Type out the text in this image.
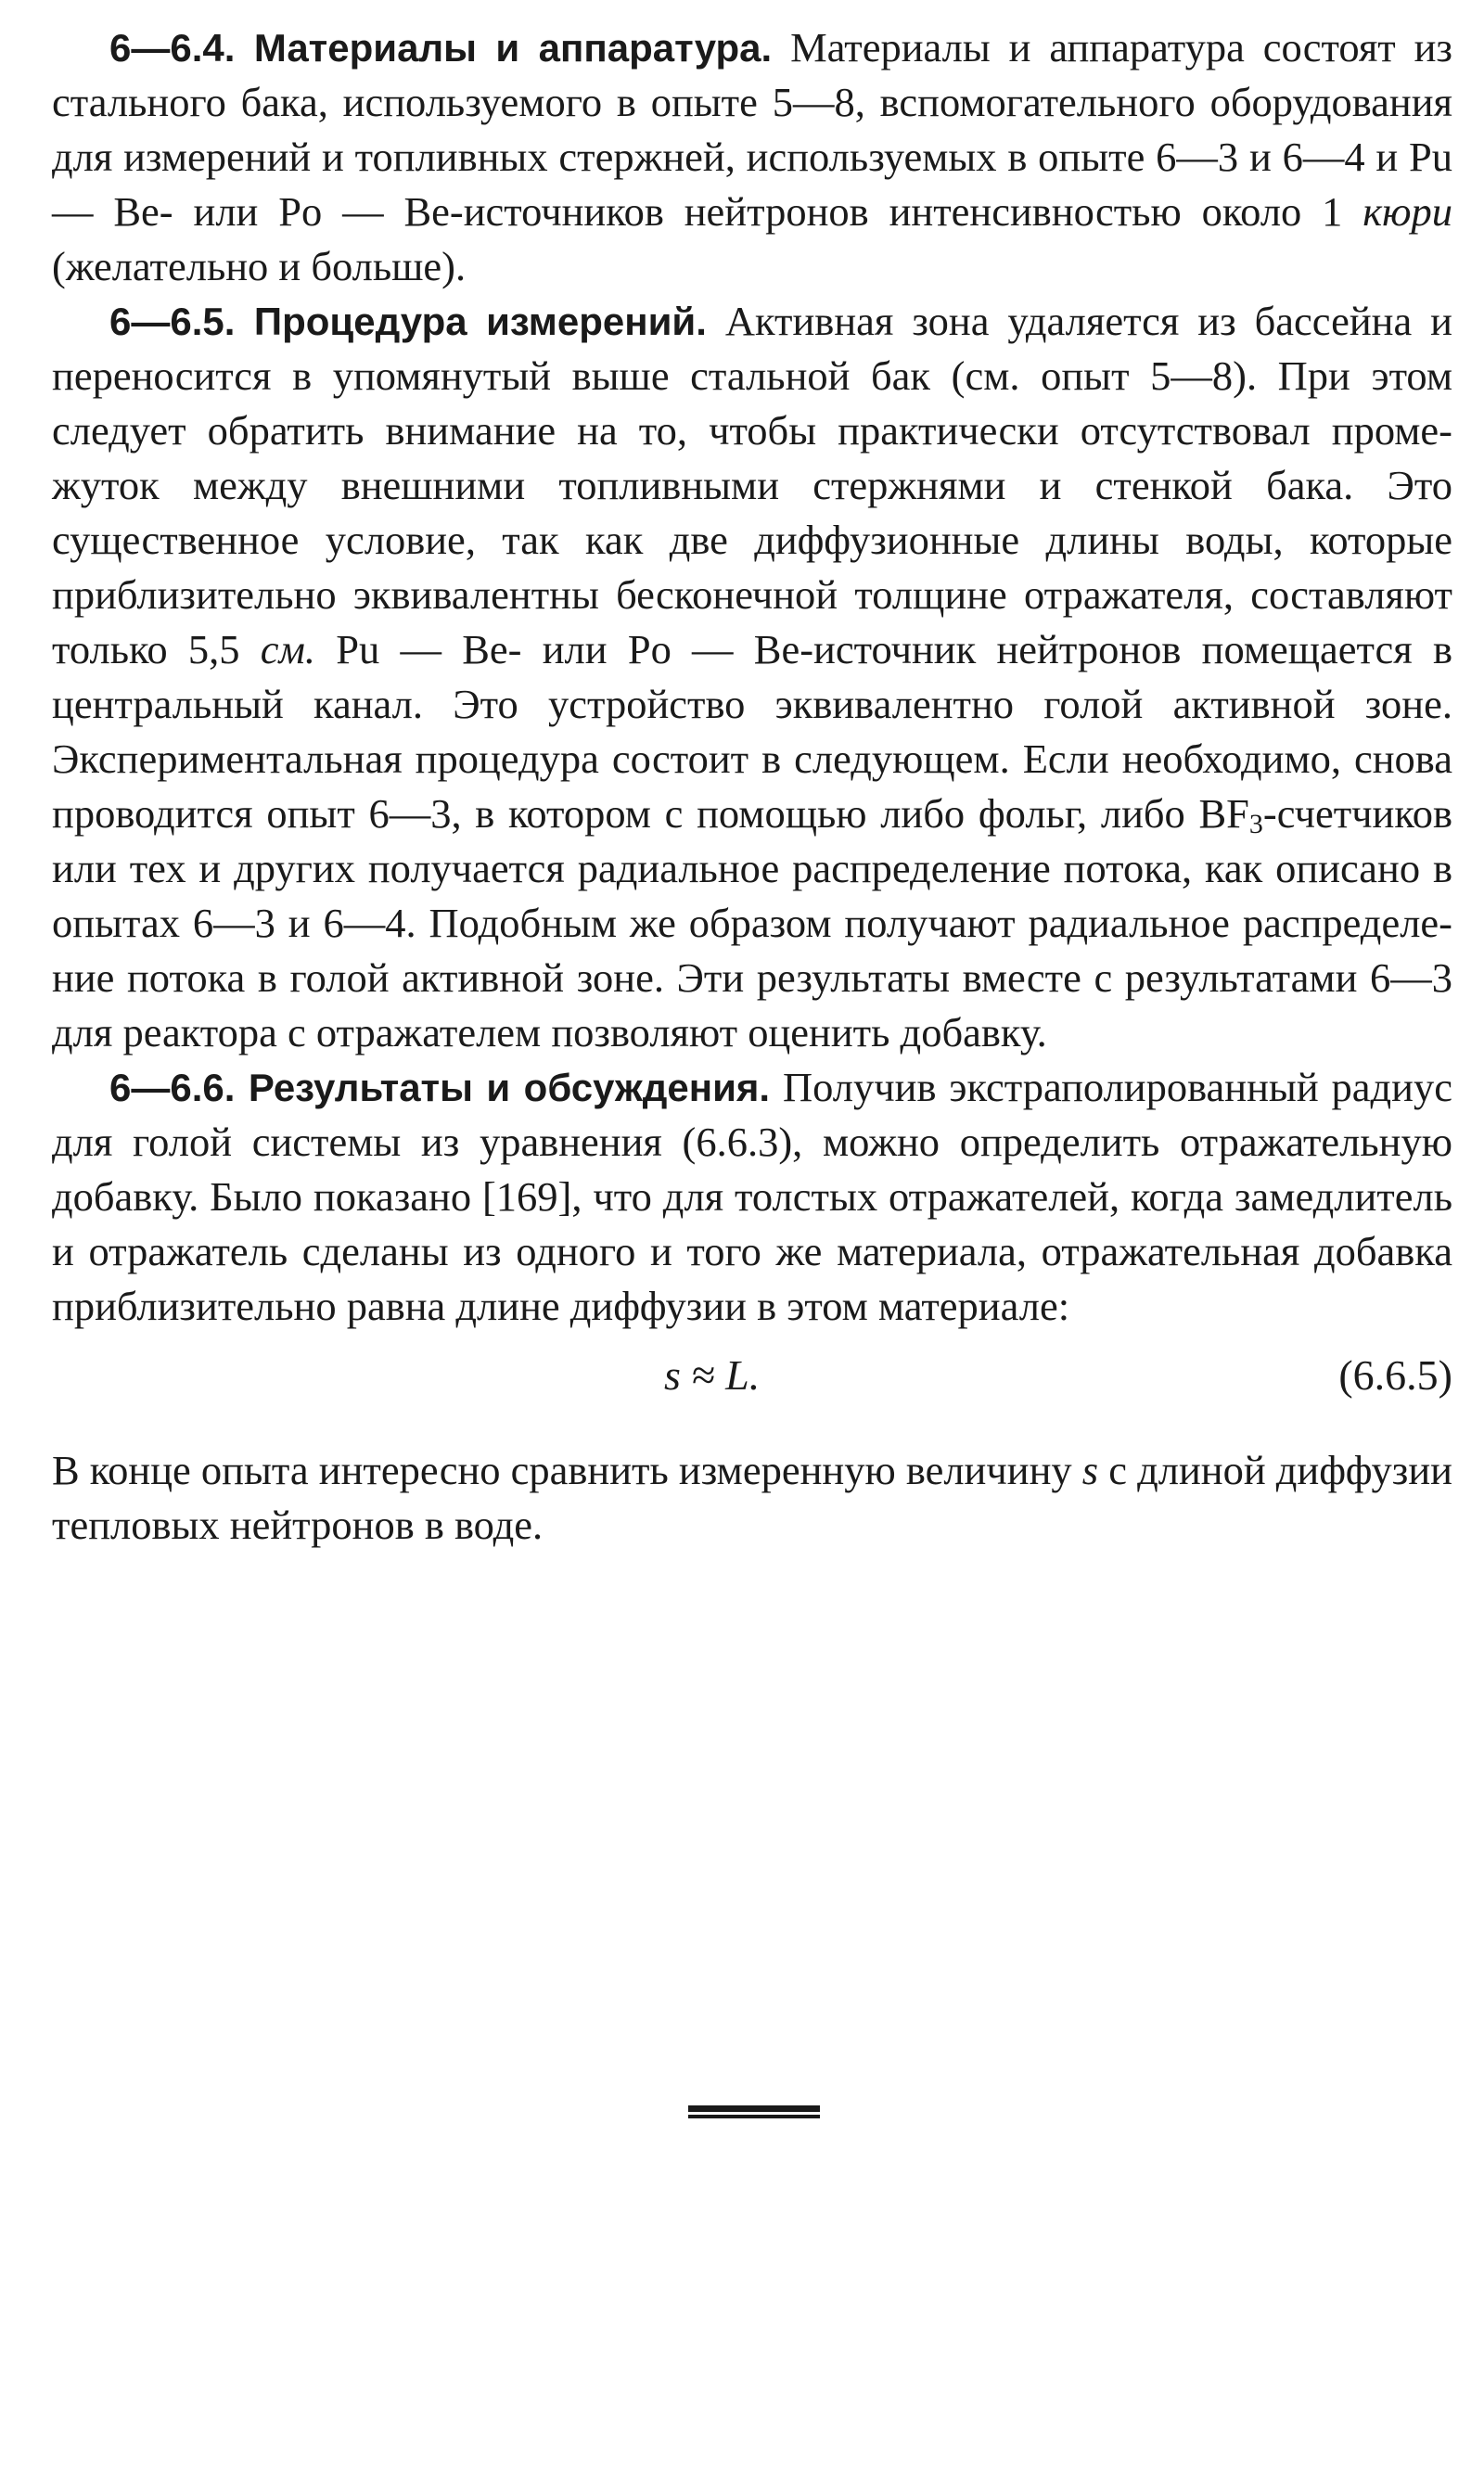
6—6.4. Материалы и аппаратура. Материалы и аппаратура состоят из стального бака, используемого в опыте 5—8, вспомогательного оборудования для измерений и топливных стержней, используемых в опыте 6—3 и 6—4 и Pu — Be- или Po — Be-источников нейтронов интенсивностью около 1 кюри (желательно и больше).

6—6.5. Процедура измерений. Активная зона удаляется из бассейна и переносится в упомянутый выше стальной бак (см. опыт 5—8). При этом следует обратить внимание на то, чтобы практически отсутствовал промежуток между внешними топливными стержнями и стенкой бака. Это существенное условие, так как две диффузионные длины воды, которые приблизительно эквивалентны бесконечной толщине отражателя, составляют только 5,5 см. Pu — Be- или Po — Be-источник нейтронов помещается в центральный канал. Это устройство эквивалентно голой активной зоне. Экспериментальная процедура состоит в следующем. Если необходимо, снова проводится опыт 6—3, в котором с помощью либо фольг, либо $BF_3$-счетчиков или тех и других получается радиальное распределение потока, как описано в опытах 6—3 и 6—4. Подобным же образом получают радиальное распределение потока в голой активной зоне. Эти результаты вместе с результатами 6—3 для реактора с отражателем позволяют оценить добавку.

6—6.6. Результаты и обсуждения. Получив экстраполированный радиус для голой системы из уравнения (6.6.3), можно определить отражательную добавку. Было показано [169], что для толстых отражателей, когда замедлитель и отражатель сделаны из одного и того же материала, отражательная добавка приблизительно равна длине диффузии в этом материале:

s ≈ L.	(6.6.5)

В конце опыта интересно сравнить измеренную величину s с длиной диффузии тепловых нейтронов в воде.
